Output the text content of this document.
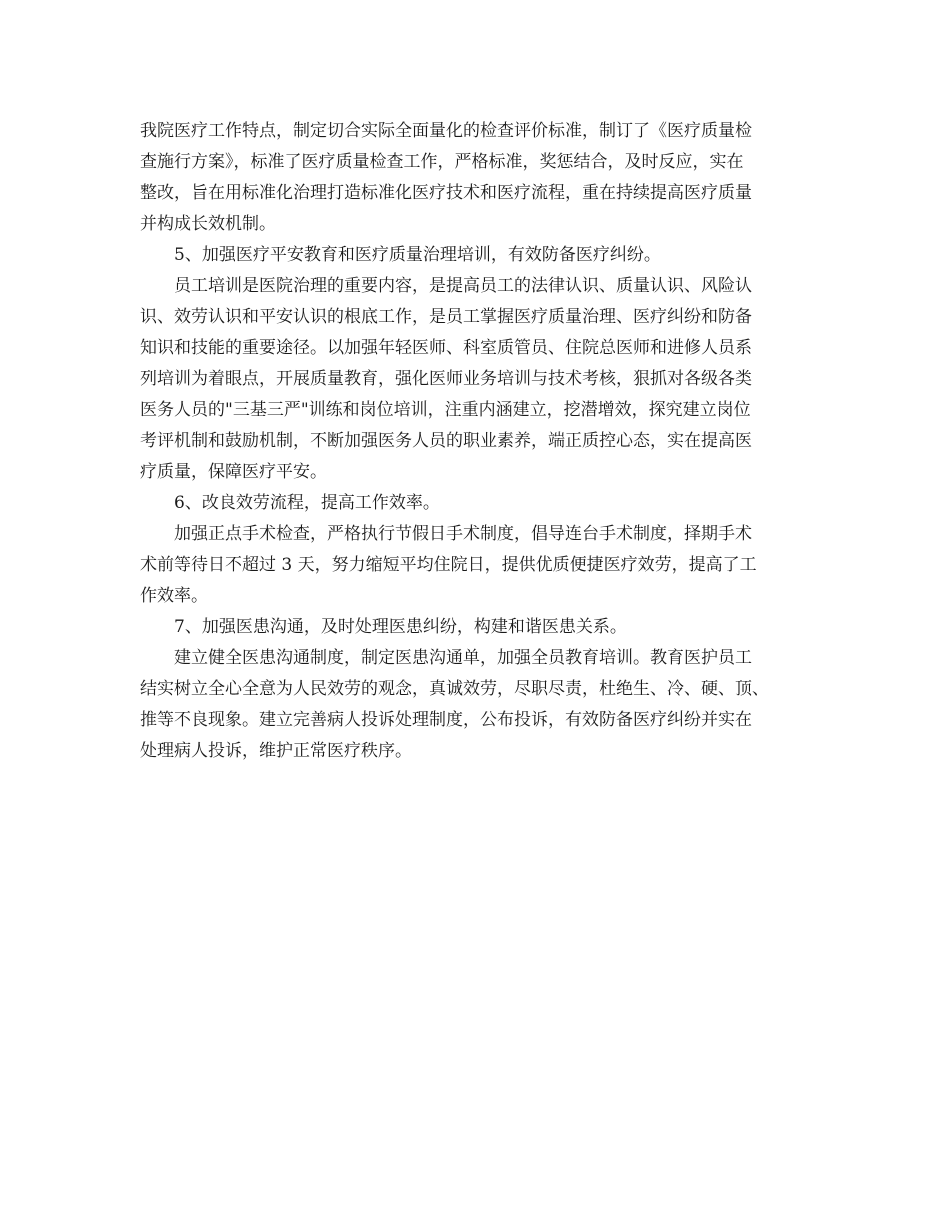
我院医疗工作特点，制定切合实际全面量化的检查评价标准，制订了《医疗质量检
查施行方案》，标准了医疗质量检查工作，严格标准，奖惩结合，及时反应，实在
整改，旨在用标准化治理打造标准化医疗技术和医疗流程，重在持续提高医疗质量
并构成长效机制。
5、加强医疗平安教育和医疗质量治理培训，有效防备医疗纠纷。
员工培训是医院治理的重要内容，是提高员工的法律认识、质量认识、风险认
识、效劳认识和平安认识的根底工作，是员工掌握医疗质量治理、医疗纠纷和防备
知识和技能的重要途径。以加强年轻医师、科室质管员、住院总医师和进修人员系
列培训为着眼点，开展质量教育，强化医师业务培训与技术考核，狠抓对各级各类
医务人员的"三基三严"训练和岗位培训，注重内涵建立，挖潜增效，探究建立岗位
考评机制和鼓励机制，不断加强医务人员的职业素养，端正质控心态，实在提高医
疗质量，保障医疗平安。
6、改良效劳流程，提高工作效率。
加强正点手术检查，严格执行节假日手术制度，倡导连台手术制度，择期手术
术前等待日不超过 3 天，努力缩短平均住院日，提供优质便捷医疗效劳，提高了工
作效率。
7、加强医患沟通，及时处理医患纠纷，构建和谐医患关系。
建立健全医患沟通制度，制定医患沟通单，加强全员教育培训。教育医护员工
结实树立全心全意为人民效劳的观念，真诚效劳，尽职尽责，杜绝生、冷、硬、顶、
推等不良现象。建立完善病人投诉处理制度，公布投诉，有效防备医疗纠纷并实在
处理病人投诉，维护正常医疗秩序。
